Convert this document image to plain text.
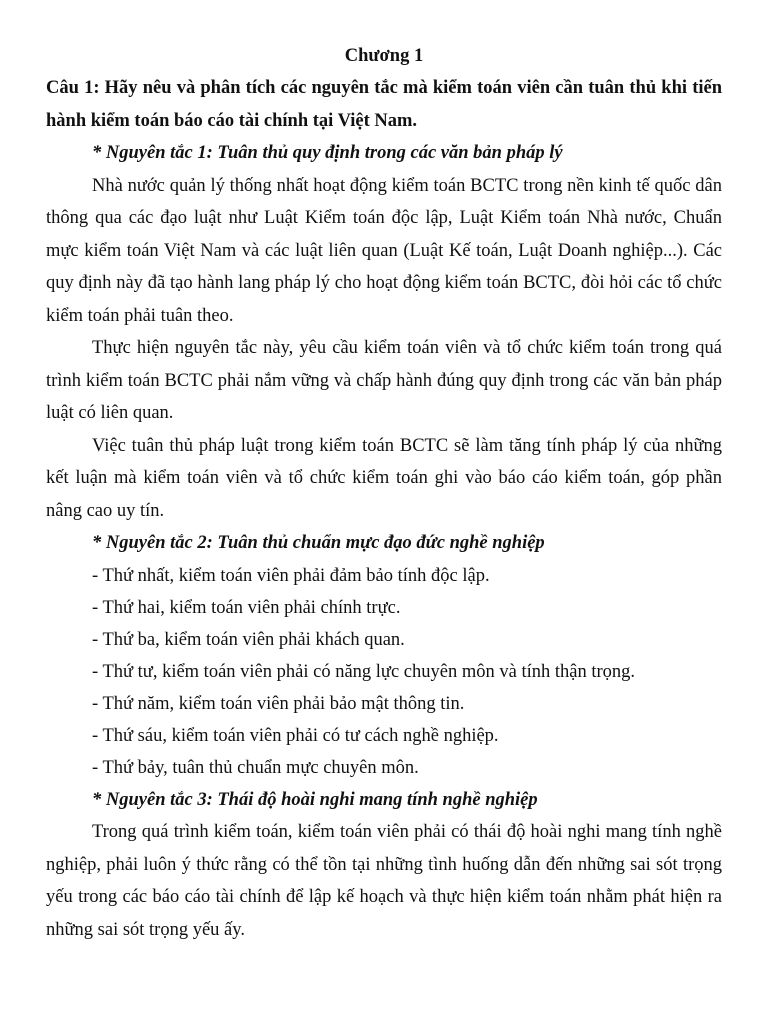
Chương 1

Câu 1: Hãy nêu và phân tích các nguyên tắc mà kiểm toán viên cần tuân thủ khi tiến hành kiểm toán báo cáo tài chính tại Việt Nam.

* Nguyên tắc 1: Tuân thủ quy định trong các văn bản pháp lý

Nhà nước quản lý thống nhất hoạt động kiểm toán BCTC trong nền kinh tế quốc dân thông qua các đạo luật như Luật Kiểm toán độc lập, Luật Kiểm toán Nhà nước, Chuẩn mực kiểm toán Việt Nam và các luật liên quan (Luật Kế toán, Luật Doanh nghiệp...). Các quy định này đã tạo hành lang pháp lý cho hoạt động kiểm toán BCTC, đòi hỏi các tổ chức kiểm toán phải tuân theo.

Thực hiện nguyên tắc này, yêu cầu kiểm toán viên và tổ chức kiểm toán trong quá trình kiểm toán BCTC phải nắm vững và chấp hành đúng quy định trong các văn bản pháp luật có liên quan.

Việc tuân thủ pháp luật trong kiểm toán BCTC sẽ làm tăng tính pháp lý của những kết luận mà kiểm toán viên và tổ chức kiểm toán ghi vào báo cáo kiểm toán, góp phần nâng cao uy tín.

* Nguyên tắc 2: Tuân thủ chuẩn mực đạo đức nghề nghiệp

- Thứ nhất, kiểm toán viên phải đảm bảo tính độc lập.

- Thứ hai, kiểm toán viên phải chính trực.

- Thứ ba, kiểm toán viên phải khách quan.

- Thứ tư, kiểm toán viên phải có năng lực chuyên môn và tính thận trọng.

- Thứ năm, kiểm toán viên phải bảo mật thông tin.

- Thứ sáu, kiểm toán viên phải có tư cách nghề nghiệp.

- Thứ bảy, tuân thủ chuẩn mực chuyên môn.

* Nguyên tắc 3: Thái độ hoài nghi mang tính nghề nghiệp

Trong quá trình kiểm toán, kiểm toán viên phải có thái độ hoài nghi mang tính nghề nghiệp, phải luôn ý thức rằng có thể tồn tại những tình huống dẫn đến những sai sót trọng yếu trong các báo cáo tài chính để lập kế hoạch và thực hiện kiểm toán nhằm phát hiện ra những sai sót trọng yếu ấy.
